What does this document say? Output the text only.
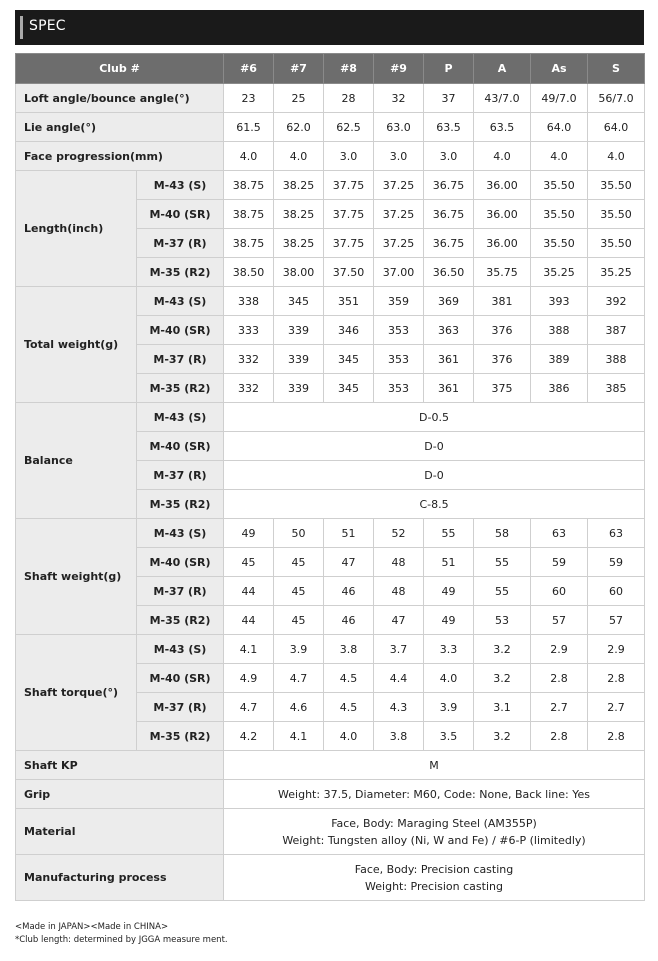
SPEC
Club #		#6	#7	#8	#9	P	A	As	S
Loft angle/bounce angle(°)		23	25	28	32	37	43/7.0	49/7.0	56/7.0
Lie angle(°)		61.5	62.0	62.5	63.0	63.5	63.5	64.0	64.0
Face progression(mm)		4.0	4.0	3.0	3.0	3.0	4.0	4.0	4.0
Length(inch)	M-43 (S)	38.75	38.25	37.75	37.25	36.75	36.00	35.50	35.50
	M-40 (SR)	38.75	38.25	37.75	37.25	36.75	36.00	35.50	35.50
	M-37 (R)	38.75	38.25	37.75	37.25	36.75	36.00	35.50	35.50
	M-35 (R2)	38.50	38.00	37.50	37.00	36.50	35.75	35.25	35.25
Total weight(g)	M-43 (S)	338	345	351	359	369	381	393	392
	M-40 (SR)	333	339	346	353	363	376	388	387
	M-37 (R)	332	339	345	353	361	376	389	388
	M-35 (R2)	332	339	345	353	361	375	386	385
Balance	M-43 (S)	D-0.5							
	M-40 (SR)	D-0							
	M-37 (R)	D-0							
	M-35 (R2)	C-8.5							
Shaft weight(g)	M-43 (S)	49	50	51	52	55	58	63	63
	M-40 (SR)	45	45	47	48	51	55	59	59
	M-37 (R)	44	45	46	48	49	55	60	60
	M-35 (R2)	44	45	46	47	49	53	57	57
Shaft torque(°)	M-43 (S)	4.1	3.9	3.8	3.7	3.3	3.2	2.9	2.9
	M-40 (SR)	4.9	4.7	4.5	4.4	4.0	3.2	2.8	2.8
	M-37 (R)	4.7	4.6	4.5	4.3	3.9	3.1	2.7	2.7
	M-35 (R2)	4.2	4.1	4.0	3.8	3.5	3.2	2.8	2.8
Shaft KP		M							
Grip		Weight: 37.5, Diameter: M60, Code: None, Back line: Yes							
Material		Face, Body: Maraging Steel (AM355P)
Weight: Tungsten alloy (Ni, W and Fe) / #6-P (limitedly)							

Manufacturing process		Face, Body: Precision casting
Weight: Precision casting							
<Made in JAPAN><Made in CHINA>
*Club length: determined by JGGA measure ment.
